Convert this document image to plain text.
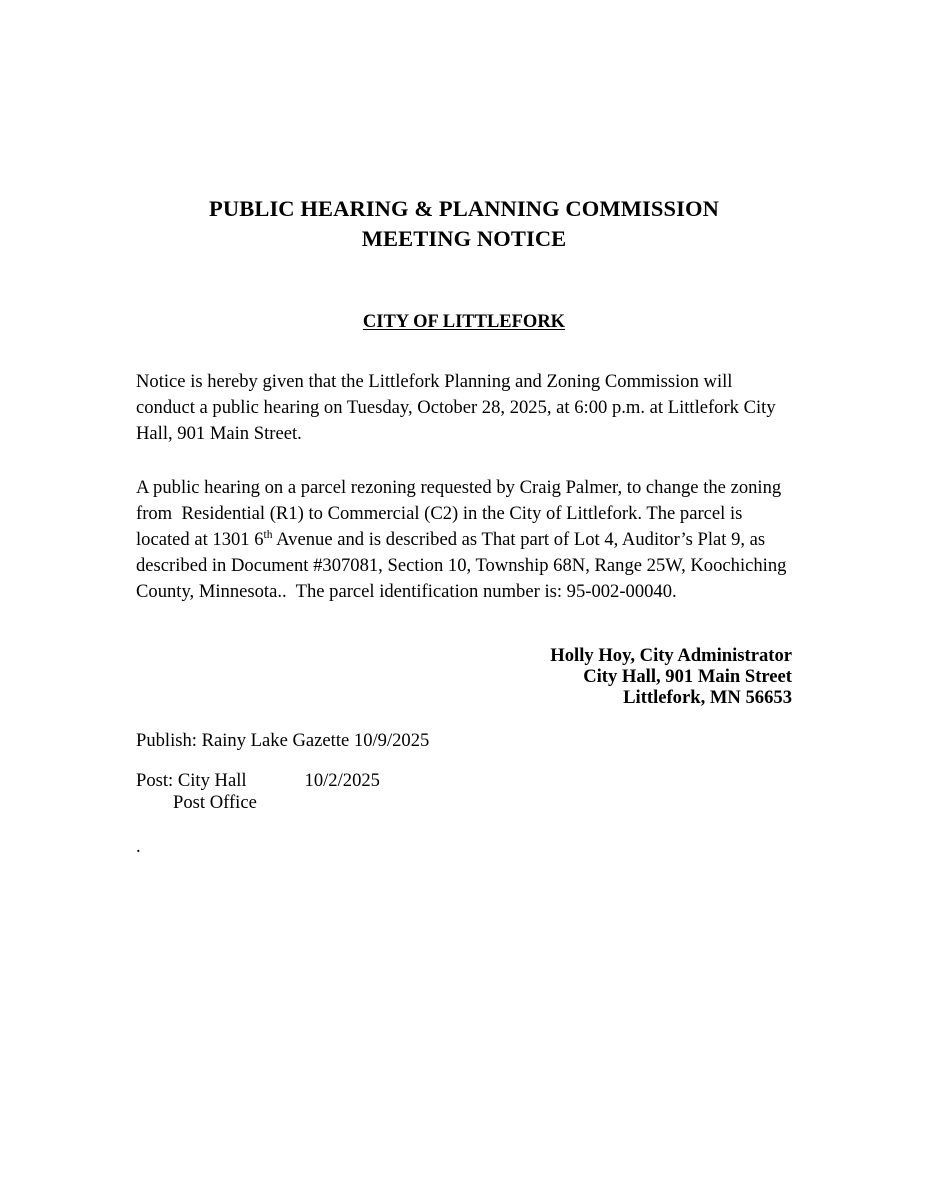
PUBLIC HEARING & PLANNING COMMISSION
MEETING NOTICE
CITY OF LITTLEFORK

Notice is hereby given that the Littlefork Planning and Zoning Commission will conduct a public hearing on Tuesday, October 28, 2025, at 6:00 p.m. at Littlefork City Hall, 901 Main Street.

A public hearing on a parcel rezoning requested by Craig Palmer, to change the zoning from  Residential (R1) to Commercial (C2) in the City of Littlefork. The parcel is located at 1301 6th Avenue and is described as That part of Lot 4, Auditor’s Plat 9, as described in Document #307081, Section 10, Township 68N, Range 25W, Koochiching County, Minnesota..  The parcel identification number is: 95-002-00040.

Holly Hoy, City Administrator
City Hall, 901 Main Street
Littlefork, MN 56653
Publish: Rainy Lake Gazette 10/9/2025
Post: City Hall	10/2/2025
Post Office
.
